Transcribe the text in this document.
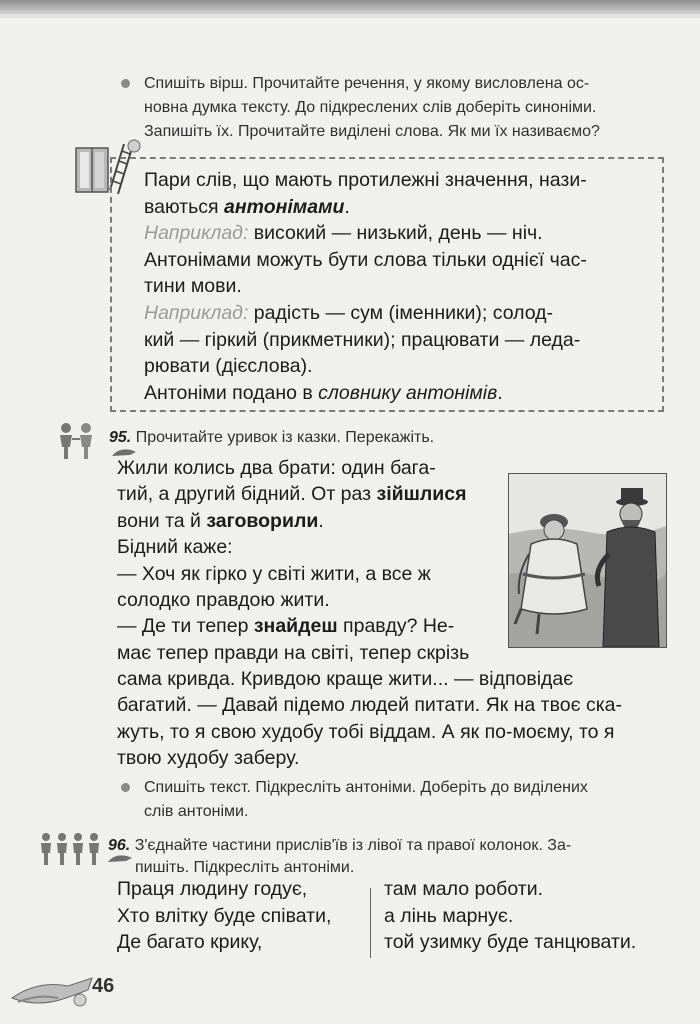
Спишіть вірш. Прочитайте речення, у якому висловлена ос-
новна думка тексту. До підкреслених слів доберіть синоніми.
Запишіть їх. Прочитайте виділені слова. Як ми їх називаємо?

Пари слів, що мають протилежні значення, нази-

ваються антонімами.

Наприклад: високий — низький, день — ніч.

Антонімами можуть бути слова тільки однієї час-

тини мови.

Наприклад: радість — сум (іменники); солод-

кий — гіркий (прикметники); працювати — леда-

рювати (дієслова).

Антоніми подано в словнику антонімів.

95. Прочитайте уривок із казки. Перекажіть.

Жили колись два брати: один бага-

тий, а другий бідний. От раз зійшлися

вони та й заговорили.

Бідний каже:

— Хоч як гірко у світі жити, а все ж

солодко правдою жити.

— Де ти тепер знайдеш правду? Не-

має тепер правди на світі, тепер скрізь

сама кривда. Кривдою краще жити... — відповідає

багатий. — Давай підемо людей питати. Як на твоє ска-

жуть, то я свою худобу тобі віддам. А як по-моєму, то я

твою худобу заберу.

Спишіть текст. Підкресліть антоніми. Доберіть до виділених
слів антоніми.
96. З'єднайте частини прислів'їв із лівої та правої колонок. За-
пишіть. Підкресліть антоніми.
Праця людину годує,
Хто влітку буде співати,
Де багато крику,
там мало роботи.
а лінь марнує.
той узимку буде танцювати.
46
